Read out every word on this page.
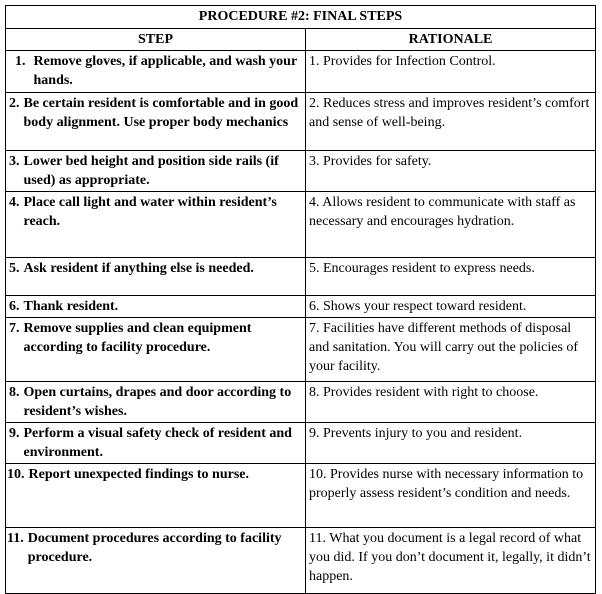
PROCEDURE #2: FINAL STEPS	
STEP	RATIONALE

1. Remove gloves, if applicable, and wash your hands.	1. Provides for Infection Control.

2. Be certain resident is comfortable and in good body alignment. Use proper body mechanics	2. Reduces stress and improves resident’s comfort and sense of well-being.

3. Lower bed height and position side rails (if used) as appropriate.	3. Provides for safety.

4. Place call light and water within resident’s reach.	4. Allows resident to communicate with staff as necessary and encourages hydration.

5. Ask resident if anything else is needed.	5. Encourages resident to express needs.

6. Thank resident.	6. Shows your respect toward resident.

7. Remove supplies and clean equipment according to facility procedure.	7. Facilities have different methods of disposal and sanitation. You will carry out the policies of your facility.

8. Open curtains, drapes and door according to resident’s wishes.	8. Provides resident with right to choose.

9. Perform a visual safety check of resident and environment.	9. Prevents injury to you and resident.

10. Report unexpected findings to nurse.	10. Provides nurse with necessary information to properly assess resident’s condition and needs.

11. Document procedures according to facility procedure.	11. What you document is a legal record of what you did. If you don’t document it, legally, it didn’t happen.
